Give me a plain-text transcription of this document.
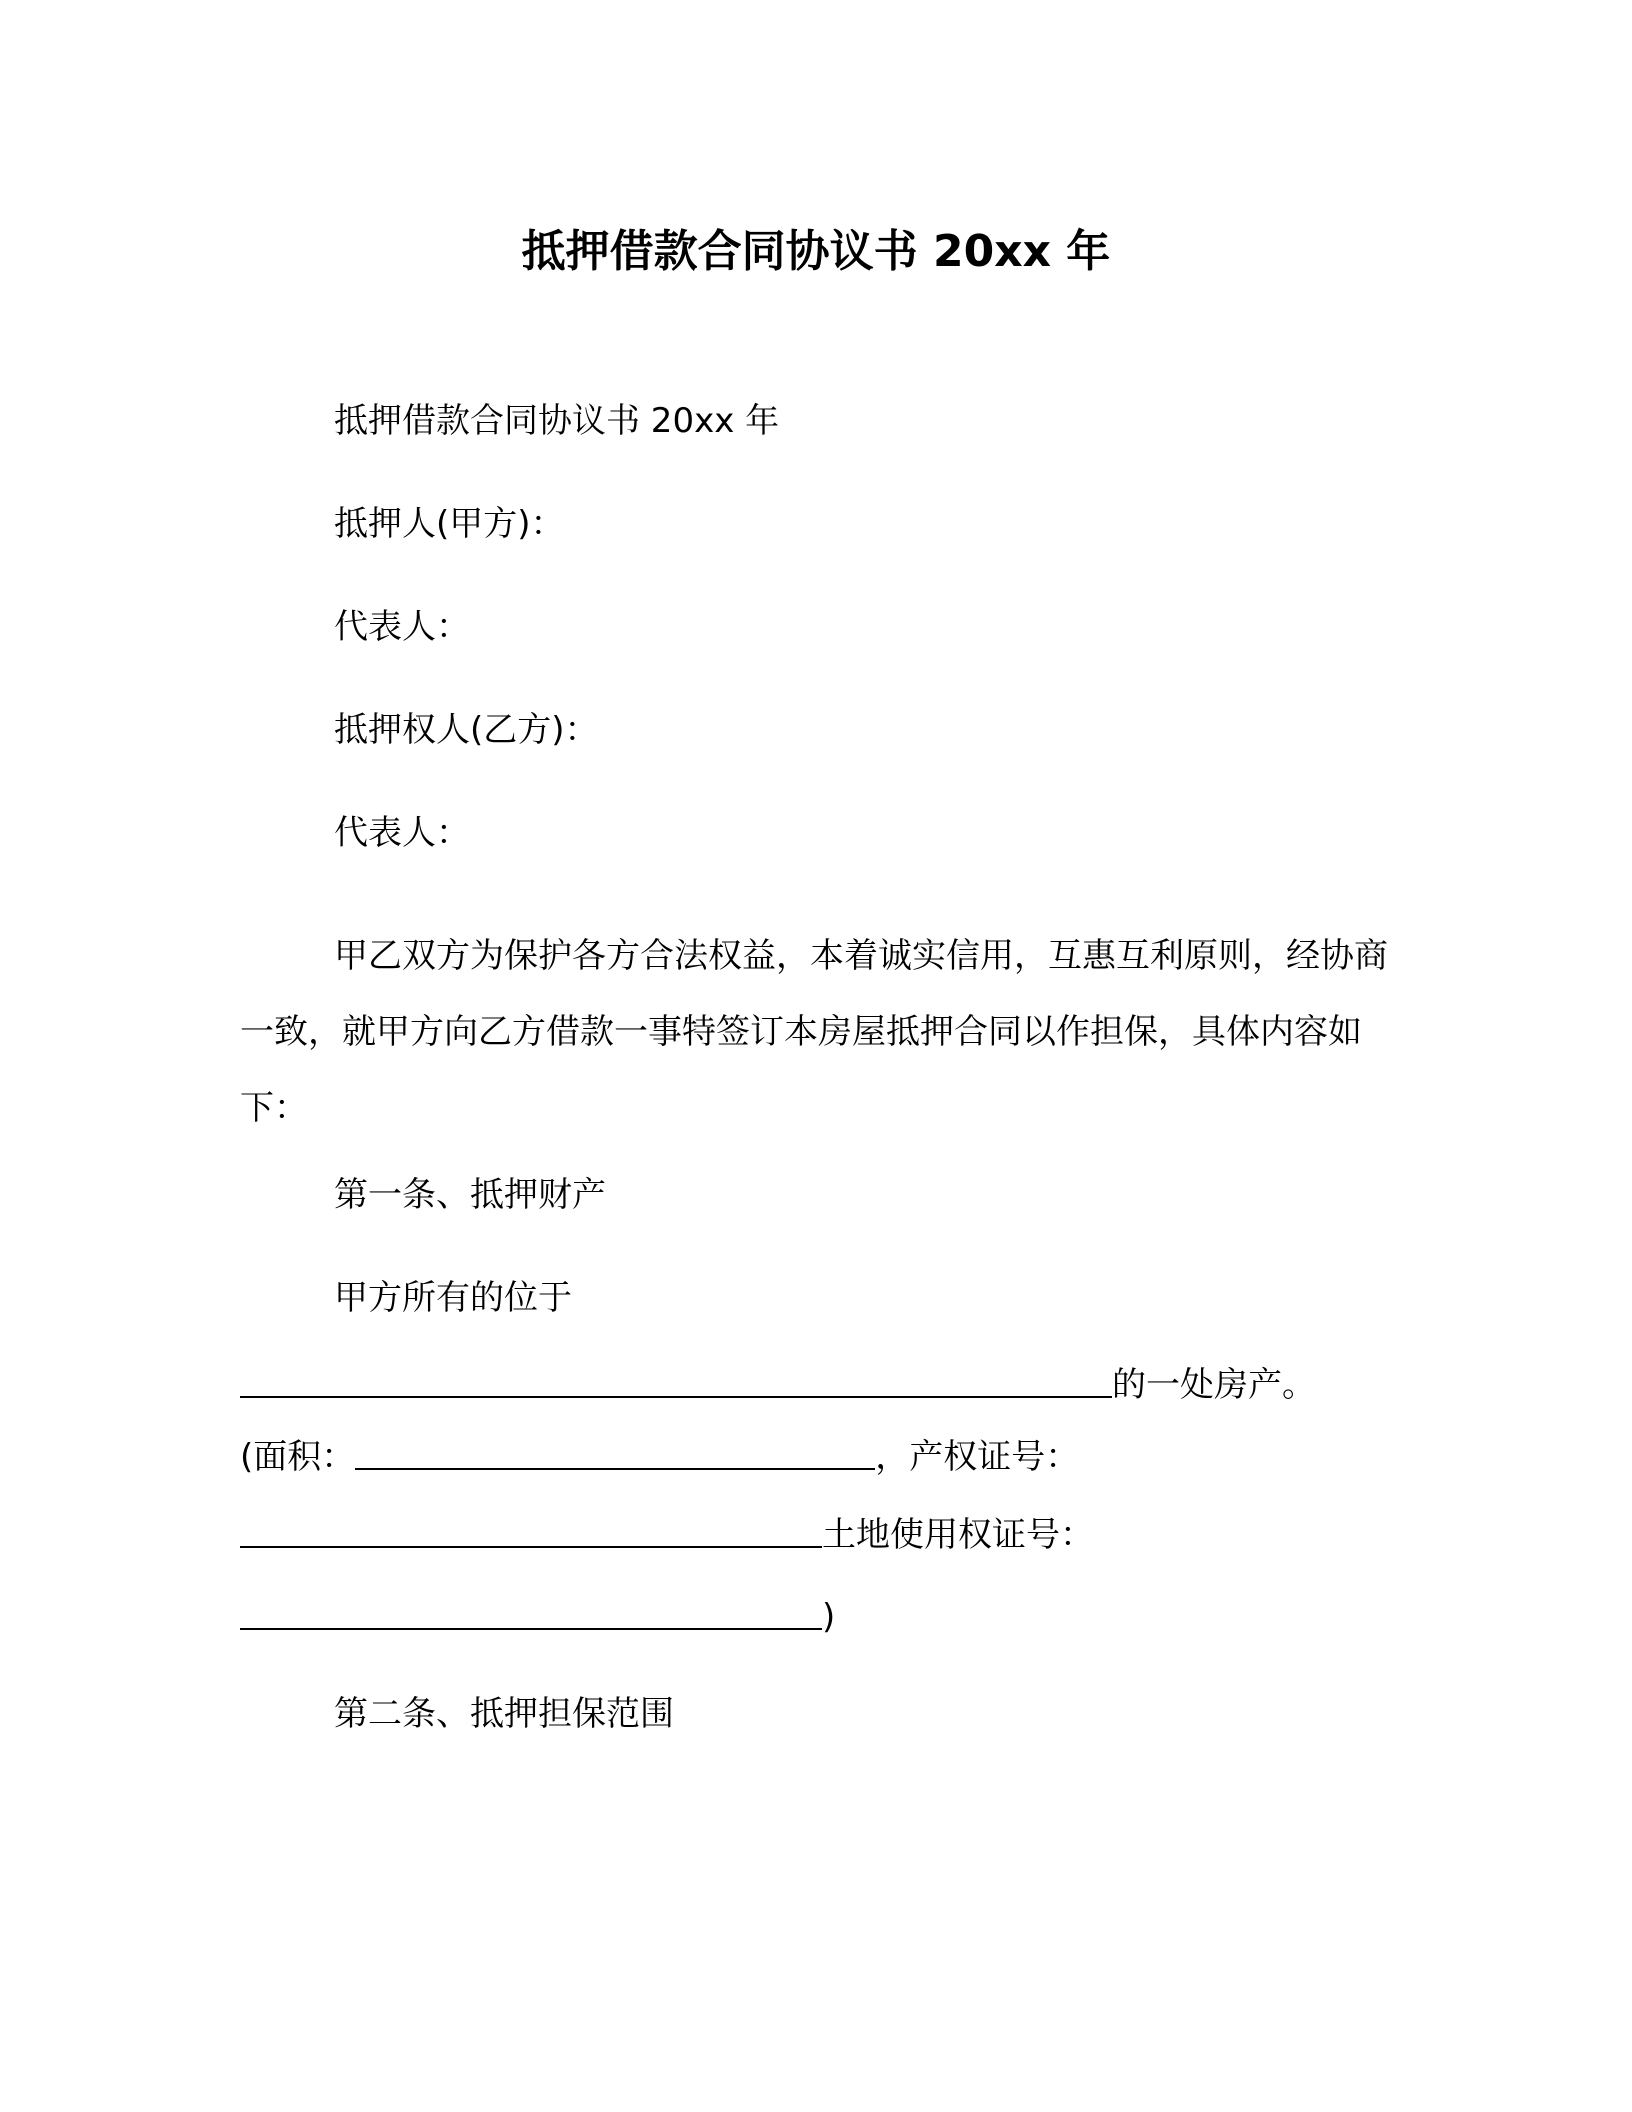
抵押借款合同协议书 20xx 年
抵押借款合同协议书 20xx 年
抵押人(甲方)：
代表人：
抵押权人(乙方)：
代表人：
甲乙双方为保护各方合法权益，本着诚实信用，互惠互利原则，经协商一致，就甲方向乙方借款一事特签订本房屋抵押合同以作担保，具体内容如下：
第一条、抵押财产
甲方所有的位于
的一处房产。
(面积：	，产权证号：
土地使用权证号：
)
第二条、抵押担保范围
